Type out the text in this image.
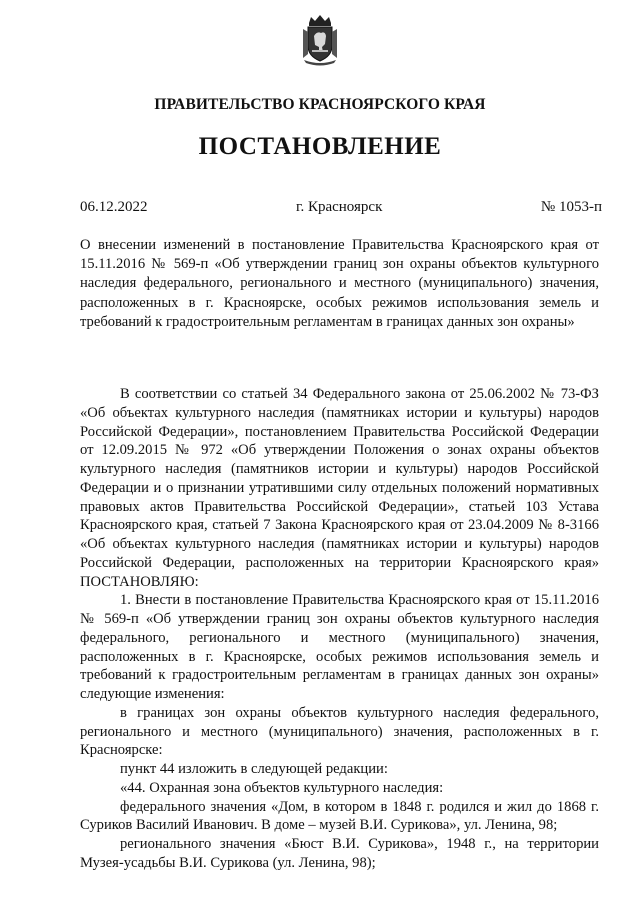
ПРАВИТЕЛЬСТВО КРАСНОЯРСКОГО КРАЯ
ПОСТАНОВЛЕНИЕ
06.12.2022	г. Красноярск	№ 1053-п
О внесении изменений в постановление Правительства Красноярского края от 15.11.2016 № 569-п «Об утверждении границ зон охраны объектов культурного наследия федерального, регионального и местного (муниципального) значения, расположенных в г. Красноярске, особых режимов использования земель и требований к градостроительным регламентам в границах данных зон охраны»

В соответствии со статьей 34 Федерального закона от 25.06.2002 № 73-ФЗ «Об объектах культурного наследия (памятниках истории и культуры) народов Российской Федерации», постановлением Правительства Российской Федерации от 12.09.2015 № 972 «Об утверждении Положения о зонах охраны объектов культурного наследия (памятников истории и культуры) народов Российской Федерации и о признании утратившими силу отдельных положений нормативных правовых актов Правительства Российской Федерации», статьей 103 Устава Красноярского края, статьей 7 Закона Красноярского края от 23.04.2009 № 8-3166 «Об объектах культурного наследия (памятниках истории и культуры) народов Российской Федерации, расположенных на территории Красноярского края» ПОСТАНОВЛЯЮ:

1. Внести в постановление Правительства Красноярского края от 15.11.2016 № 569-п «Об утверждении границ зон охраны объектов культурного наследия федерального, регионального и местного (муниципального) значения, расположенных в г. Красноярске, особых режимов использования земель и требований к градостроительным регламентам в границах данных зон охраны» следующие изменения:

в границах зон охраны объектов культурного наследия федерального, регионального и местного (муниципального) значения, расположенных в г. Красноярске:

пункт 44 изложить в следующей редакции:

«44. Охранная зона объектов культурного наследия:

федерального значения «Дом, в котором в 1848 г. родился и жил до 1868 г. Суриков Василий Иванович. В доме – музей В.И. Сурикова», ул. Ленина, 98;

регионального значения «Бюст В.И. Сурикова», 1948 г., на территории Музея-усадьбы В.И. Сурикова (ул. Ленина, 98);
